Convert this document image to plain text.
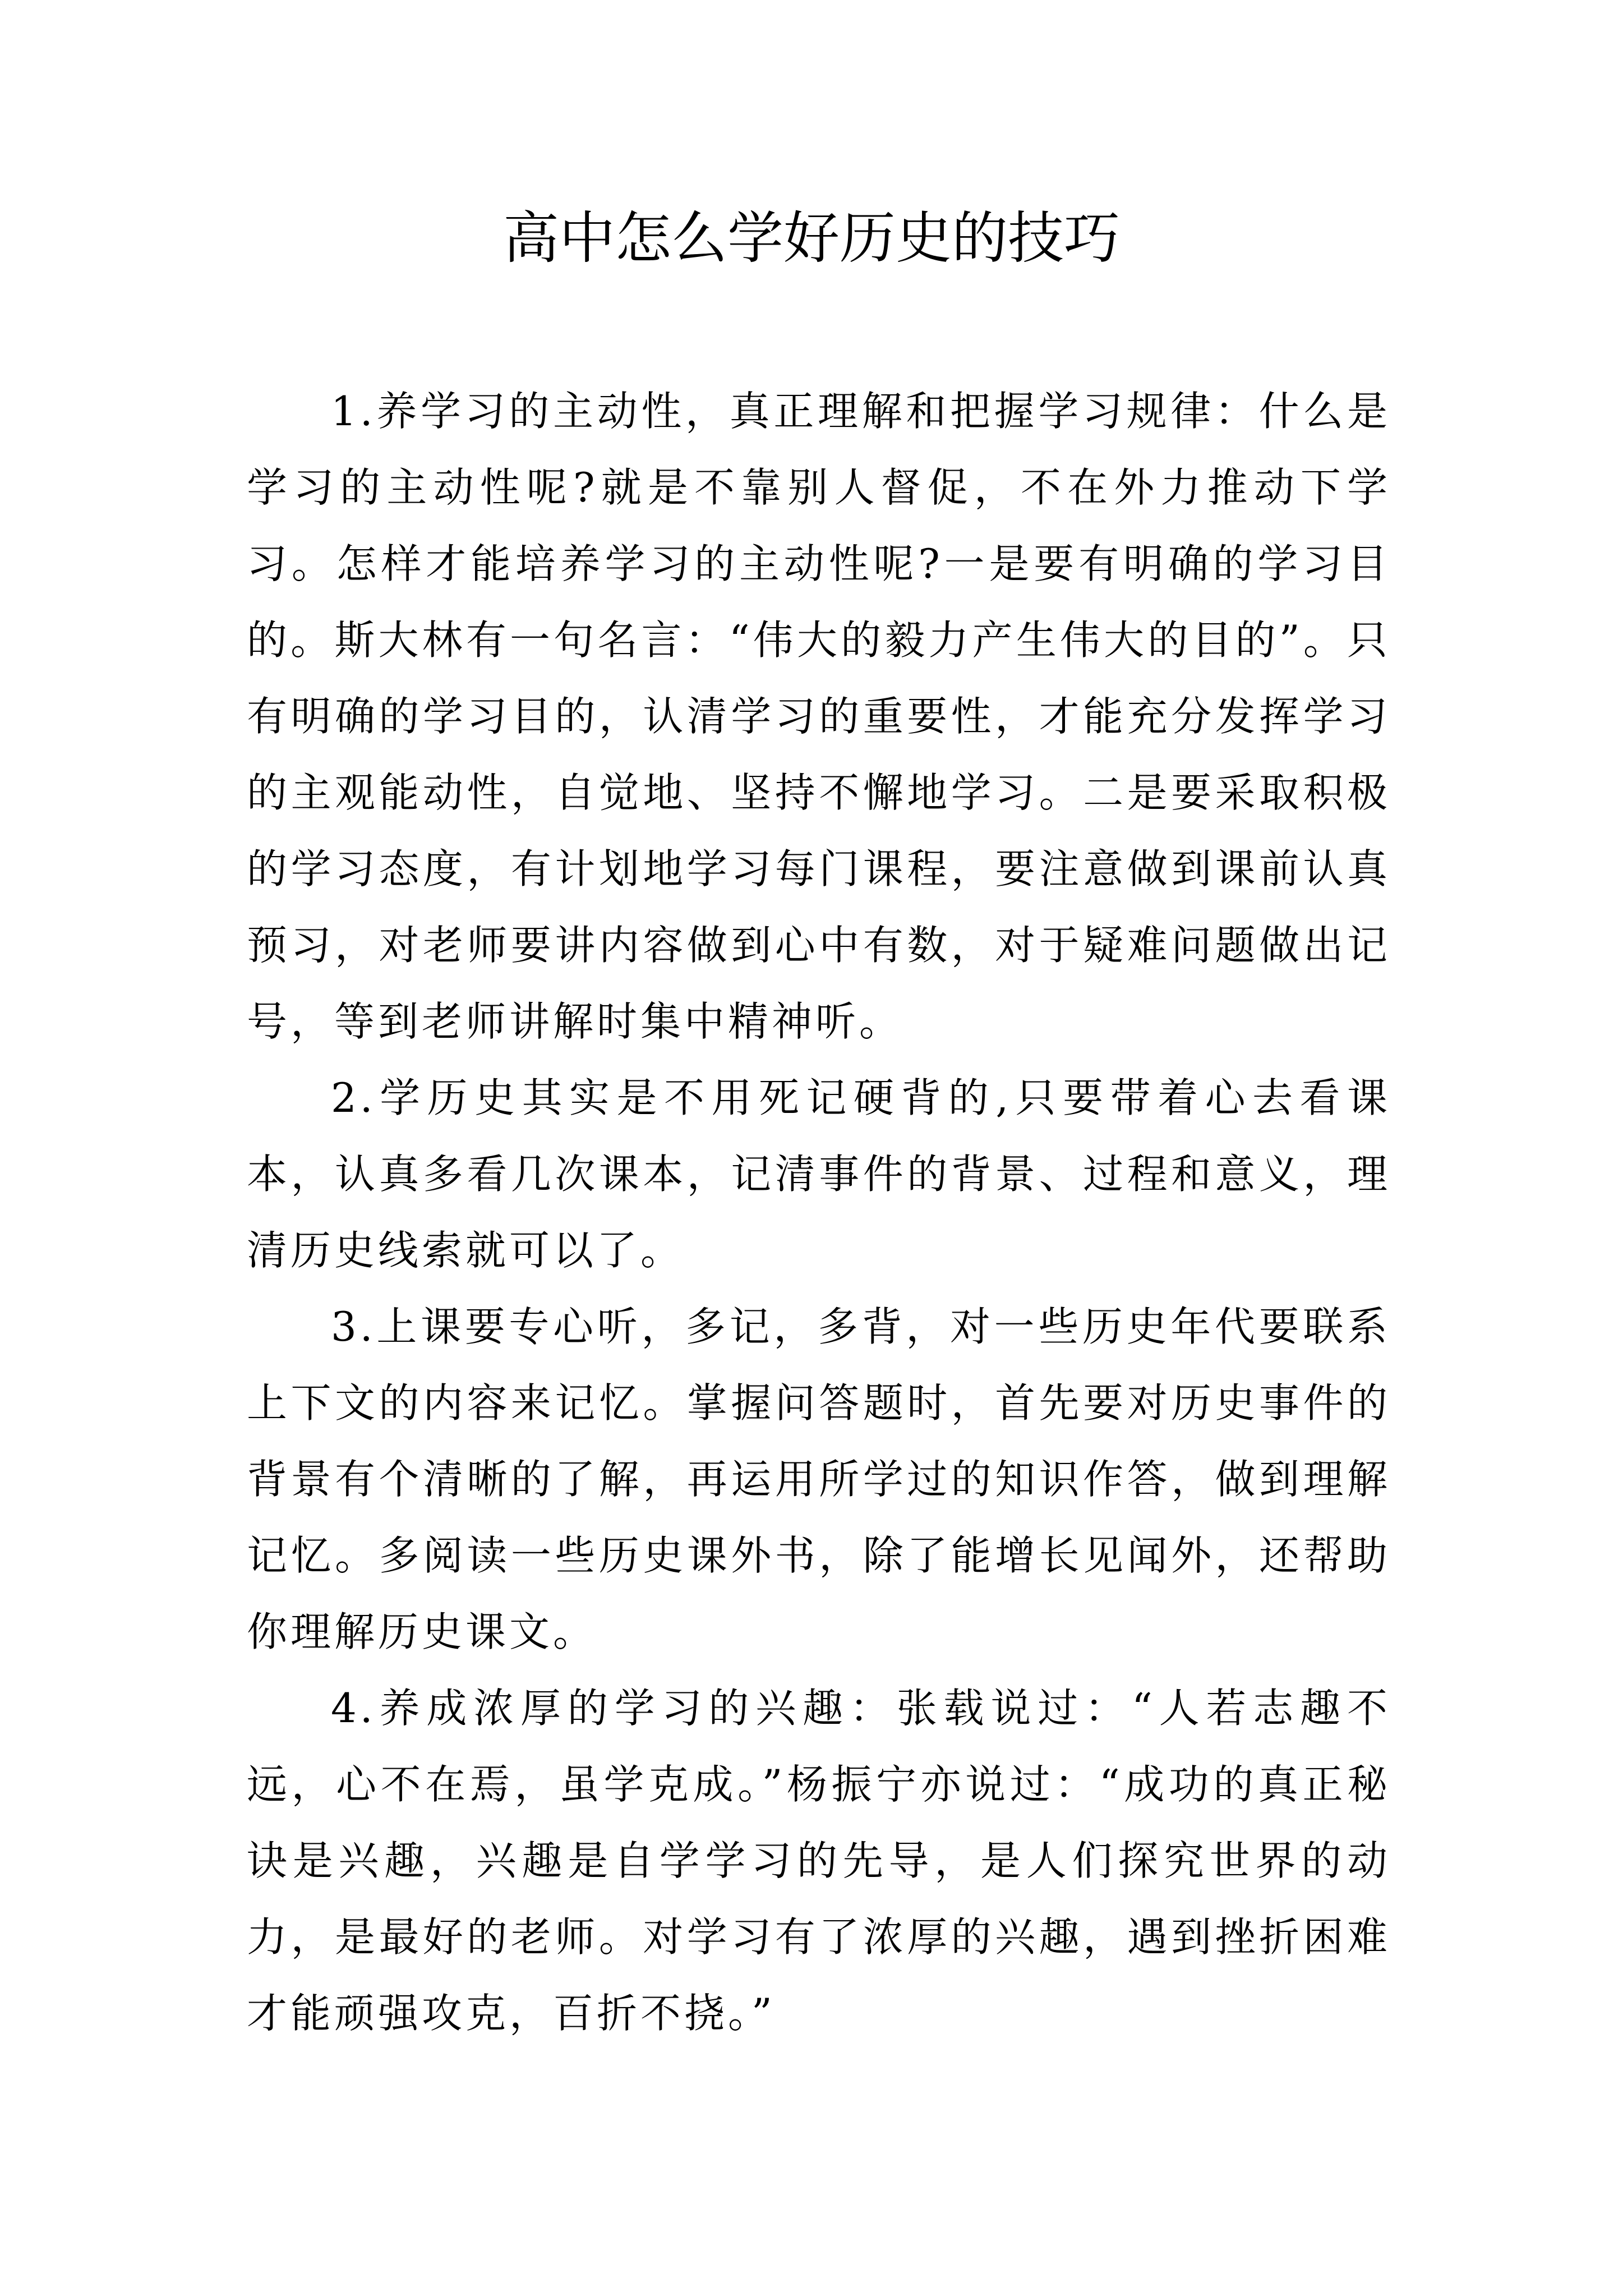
高中怎么学好历史的技巧

1.养学习的主动性，真正理解和把握学习规律：什么是学习的主动性呢?就是不靠别人督促，不在外力推动下学习。怎样才能培养学习的主动性呢?一是要有明确的学习目的。斯大林有一句名言：“伟大的毅力产生伟大的目的”。只有明确的学习目的，认清学习的重要性，才能充分发挥学习的主观能动性，自觉地、坚持不懈地学习。二是要采取积极的学习态度，有计划地学习每门课程，要注意做到课前认真预习，对老师要讲内容做到心中有数，对于疑难问题做出记号，等到老师讲解时集中精神听。

2.学历史其实是不用死记硬背的,只要带着心去看课本，认真多看几次课本，记清事件的背景、过程和意义，理清历史线索就可以了。

3.上课要专心听，多记，多背，对一些历史年代要联系上下文的内容来记忆。掌握问答题时，首先要对历史事件的背景有个清晰的了解，再运用所学过的知识作答，做到理解记忆。多阅读一些历史课外书，除了能增长见闻外，还帮助你理解历史课文。

4.养成浓厚的学习的兴趣：张载说过：“人若志趣不远，心不在焉，虽学克成。”杨振宁亦说过：“成功的真正秘诀是兴趣，兴趣是自学学习的先导，是人们探究世界的动力，是最好的老师。对学习有了浓厚的兴趣，遇到挫折困难才能顽强攻克，百折不挠。”
